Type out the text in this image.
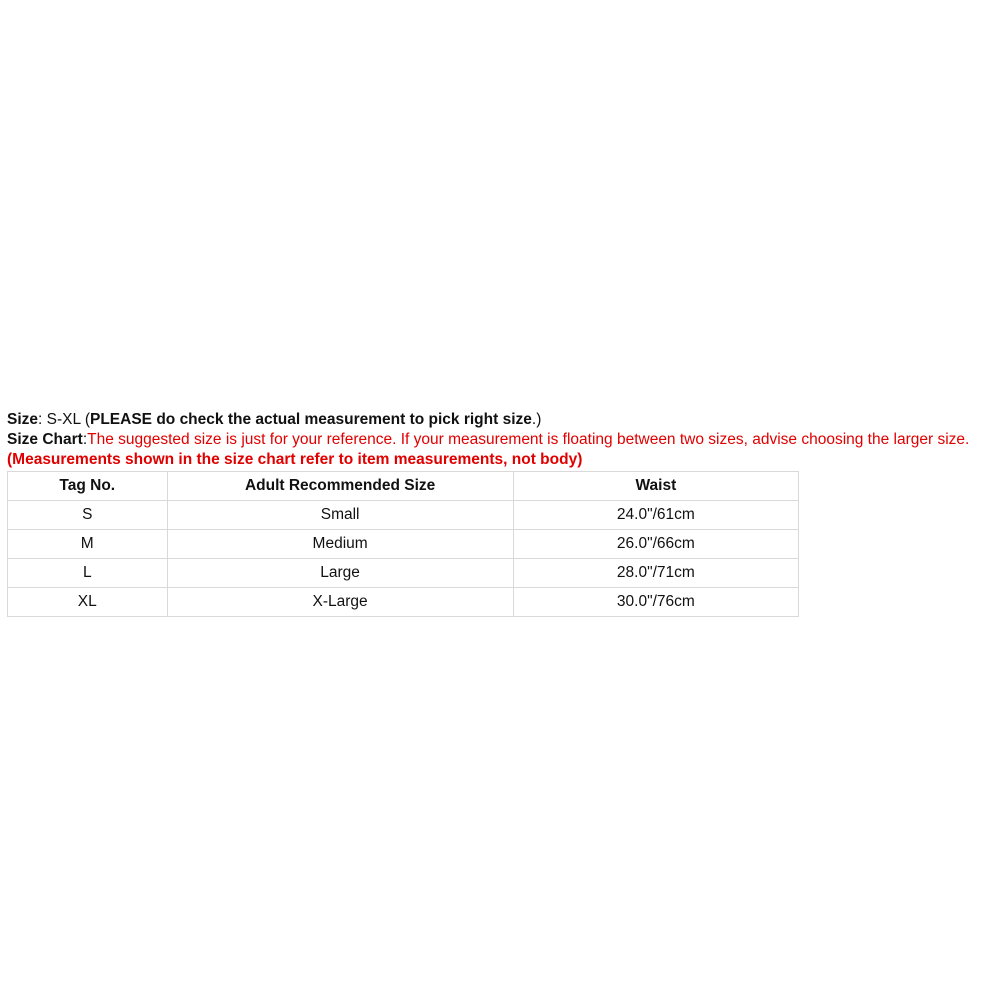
Size: S-XL (PLEASE do check the actual measurement to pick right size.)

Size Chart:The suggested size is just for your reference. If your measurement is floating between two sizes, advise choosing the larger size. (Measurements shown in the size chart refer to item measurements, not body)

Tag No.	Adult Recommended Size	Waist
S	Small	24.0"/61cm
M	Medium	26.0"/66cm
L	Large	28.0"/71cm
XL	X-Large	30.0"/76cm
